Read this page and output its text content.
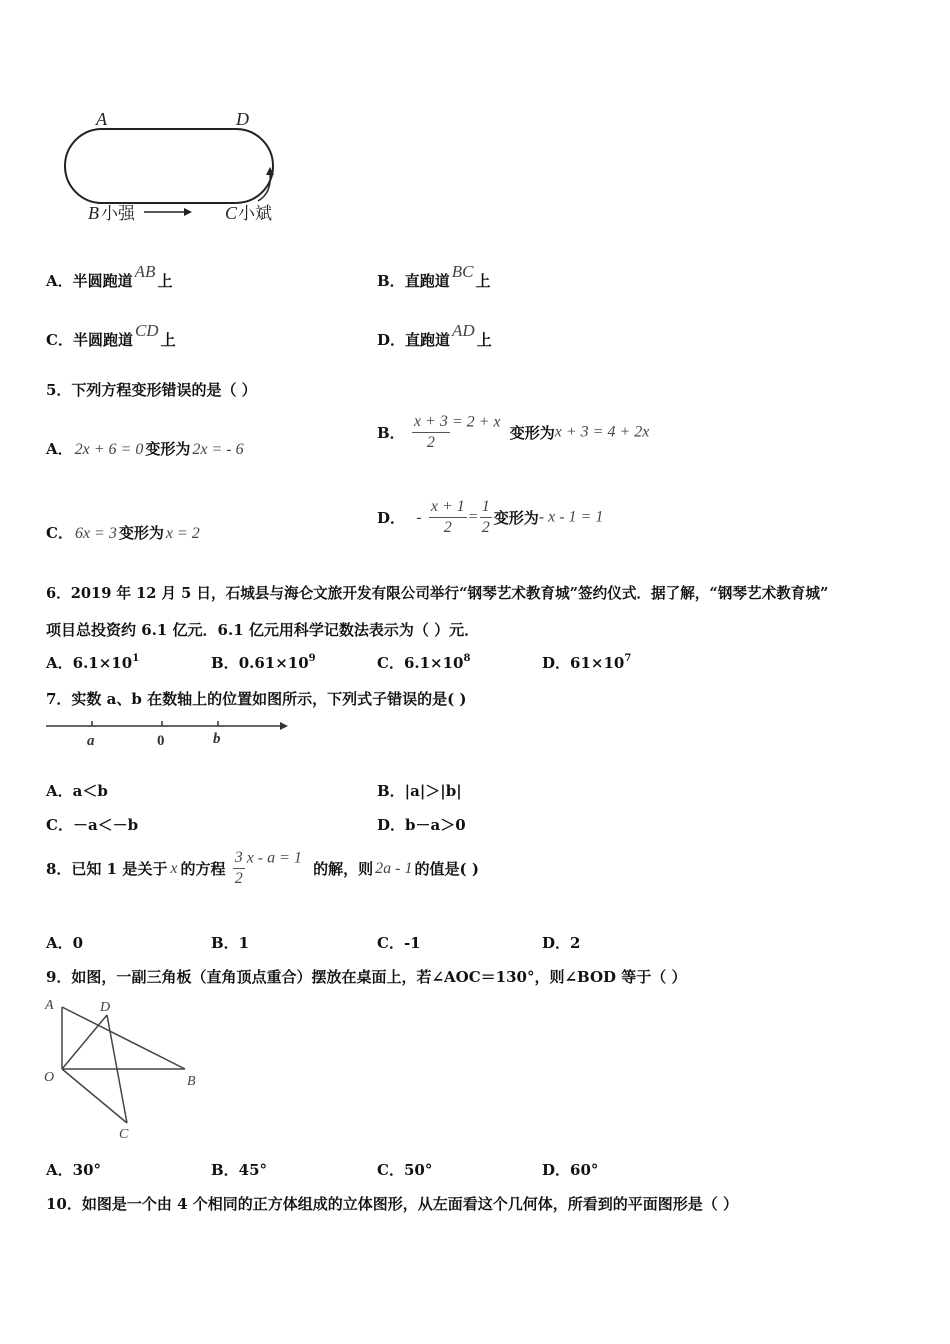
A	D
B 小强	C 小斌
A．半圆跑道 AB 上	B．直跑道 BC 上
C．半圆跑道 CD 上	D．直跑道 AD 上
5．下列方程变形错误的是（ ）
A． 2x + 6 = 0 变形为 2x = - 6
B． $\frac{x + 3}{2} = 2 + x$ 变形为x + 3 = 4 + 2x
C． 6x = 3 变形为 x = 2
D． - $\frac{x + 1}{2} = \frac{1}{2}$ 变形为- x - 1 = 1
6．2019 年 12 月 5 日，石城县与海仑文旅开发有限公司举行“钢琴艺术教育城”签约仪式．据了解，“钢琴艺术教育城”
项目总投资约 6.1 亿元．6.1 亿元用科学记数法表示为（ ）元．
A．$6.1\times 10^1$	B．$0.61\times 10^9$	C．$6.1\times 10^8$	D．$61\times 10^7$
7．实数 a、b 在数轴上的位置如图所示，下列式子错误的是( )
a	0	b
A．a＜b	B．|a|＞|b|
C．－a＜－b	D．b－a＞0
8．已知 1 是关于 x 的方程 $\frac{3}{2}$ x - a = 1 的解，则 2a - 1 的值是( )
A．0	B．1	C．-1	D．2
9．如图，一副三角板（直角顶点重合）摆放在桌面上，若∠AOC＝130°，则∠BOD 等于（ ）
A	D
O	B
C
A．30°	B．45°	C．50°	D．60°
10．如图是一个由 4 个相同的正方体组成的立体图形，从左面看这个几何体，所看到的平面图形是（ ）
